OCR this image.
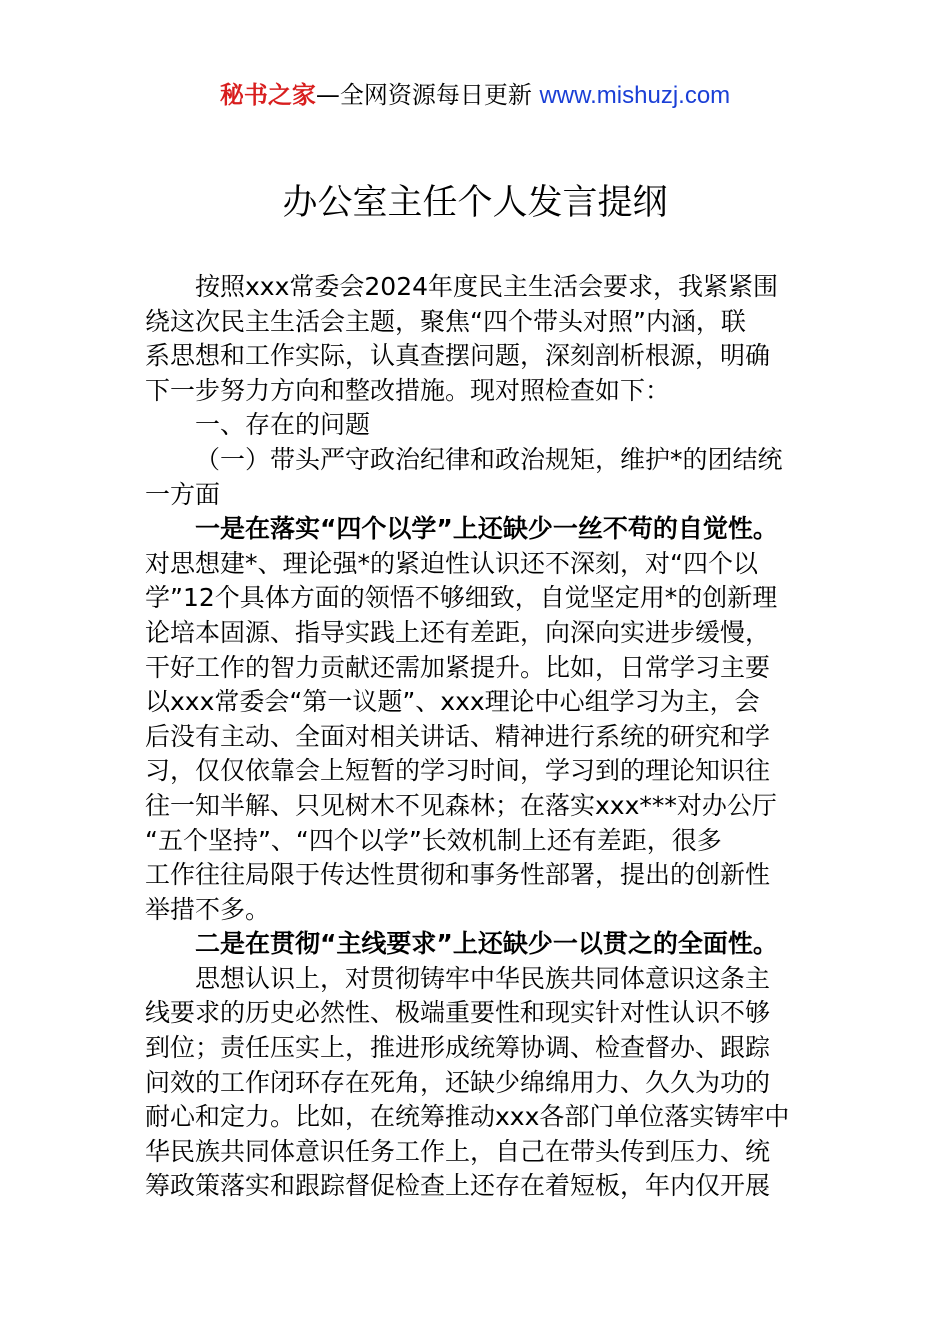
秘书之家—全网资源每日更新 www.mishuzj.com
办公室主任个人发言提纲
按照xxx常委会2024年度民主生活会要求，我紧紧围
绕这次民主生活会主题，聚焦“四个带头对照”内涵，联
系思想和工作实际，认真查摆问题，深刻剖析根源，明确
下一步努力方向和整改措施。现对照检查如下：
一、存在的问题
（一）带头严守政治纪律和政治规矩，维护*的团结统
一方面
一是在落实“四个以学”上还缺少一丝不苟的自觉性。
对思想建*、理论强*的紧迫性认识还不深刻，对“四个以
学”12个具体方面的领悟不够细致，自觉坚定用*的创新理
论培本固源、指导实践上还有差距，向深向实进步缓慢，
干好工作的智力贡献还需加紧提升。比如，日常学习主要
以xxx常委会“第一议题”、xxx理论中心组学习为主，会
后没有主动、全面对相关讲话、精神进行系统的研究和学
习，仅仅依靠会上短暂的学习时间，学习到的理论知识往
往一知半解、只见树木不见森林；在落实xxx***对办公厅
“五个坚持”、“四个以学”长效机制上还有差距，很多
工作往往局限于传达性贯彻和事务性部署，提出的创新性
举措不多。
二是在贯彻“主线要求”上还缺少一以贯之的全面性。
思想认识上，对贯彻铸牢中华民族共同体意识这条主
线要求的历史必然性、极端重要性和现实针对性认识不够
到位；责任压实上，推进形成统筹协调、检查督办、跟踪
问效的工作闭环存在死角，还缺少绵绵用力、久久为功的
耐心和定力。比如，在统筹推动xxx各部门单位落实铸牢中
华民族共同体意识任务工作上，自己在带头传到压力、统
筹政策落实和跟踪督促检查上还存在着短板，年内仅开展
